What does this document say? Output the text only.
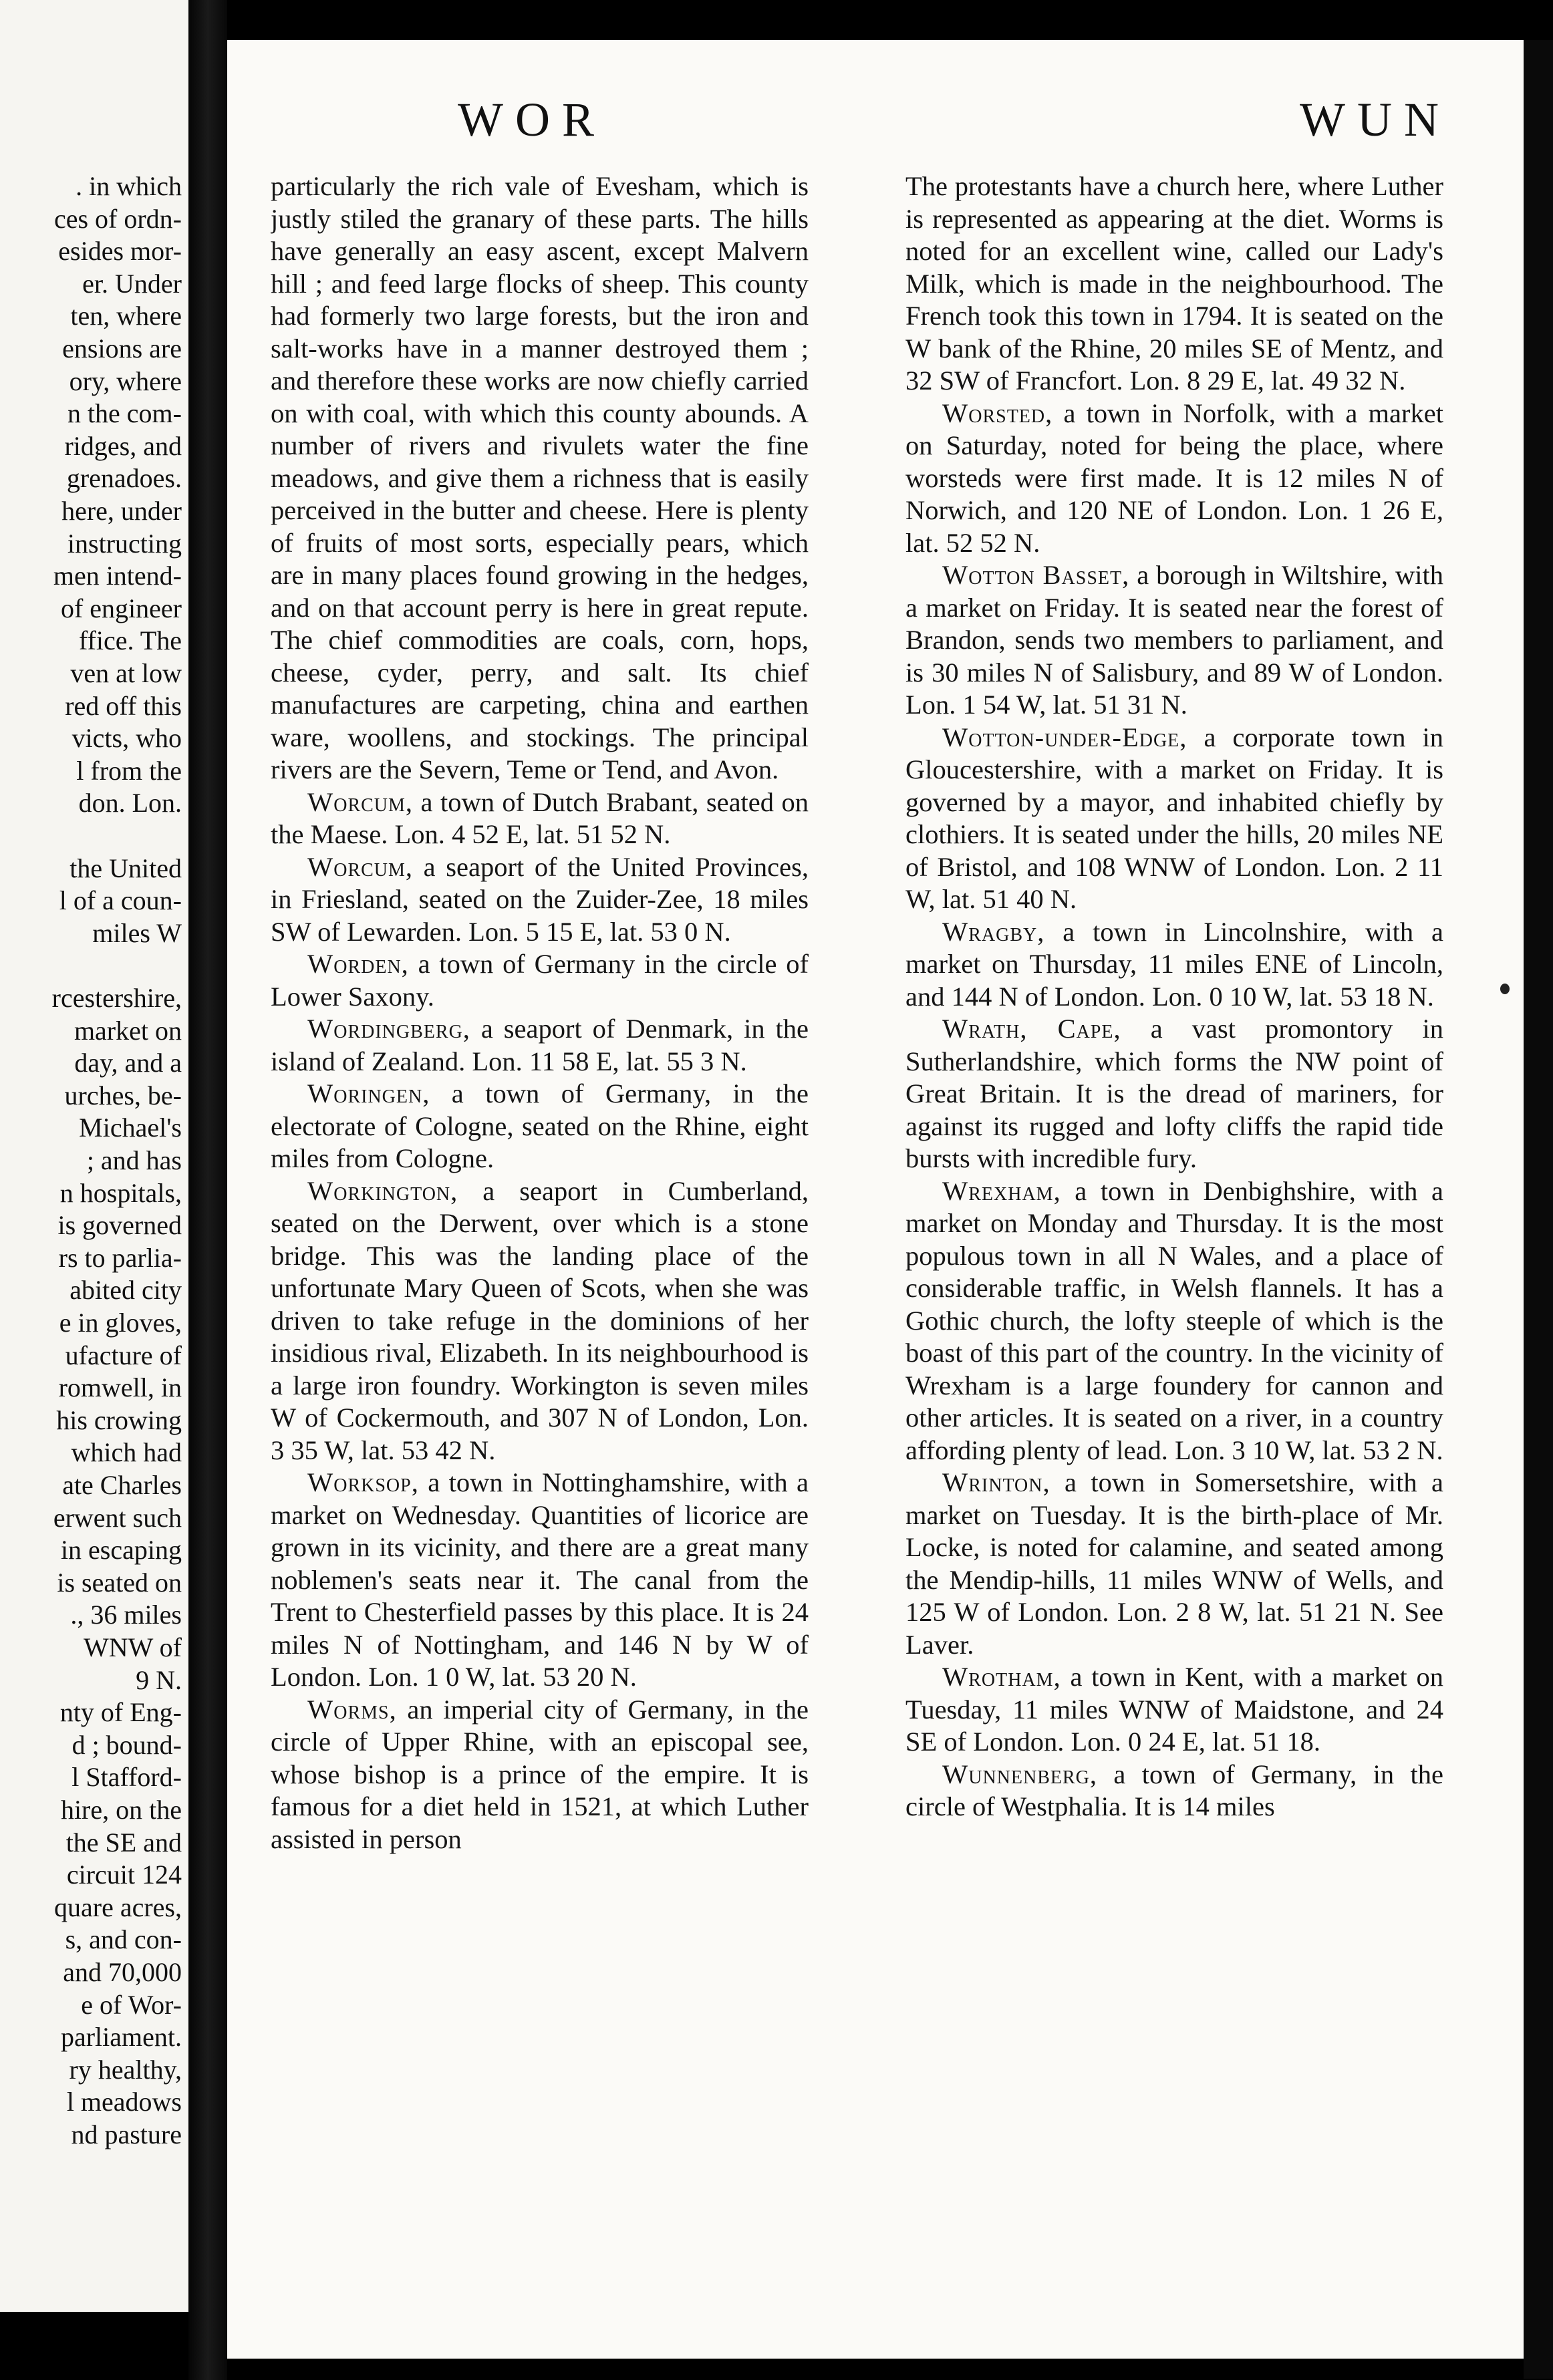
. in which
ces of ordn-
esides mor-
er. Under
ten, where
ensions are
ory, where
n the com-
ridges, and
grenadoes.
here, under
instructing
men intend-
of engineer
ffice. The
ven at low
red off this
victs, who
l from the
don. Lon.
the United
l of a coun-
miles W
rcestershire,
market on
day, and a
urches, be-
Michael's
; and has
n hospitals,
is governed
rs to parlia-
abited city
e in gloves,
ufacture of
romwell, in
his crowing
which had
ate Charles
erwent such
in escaping
is seated on
., 36 miles
WNW of
9 N.
nty of Eng-
d ; bound-
l Stafford-
hire, on the
the SE and
circuit 124
quare acres,
s, and con-
and 70,000
e of Wor-
parliament.
ry healthy,
l meadows
nd pasture
WOR	WUN

particularly the rich vale of Evesham, which is justly stiled the granary of these parts. The hills have generally an easy ascent, except Malvern hill ; and feed large flocks of sheep. This county had formerly two large forests, but the iron and salt-works have in a manner destroyed them ; and therefore these works are now chiefly carried on with coal, with which this county abounds. A number of rivers and rivulets water the fine meadows, and give them a richness that is easily perceived in the butter and cheese. Here is plenty of fruits of most sorts, especially pears, which are in many places found growing in the hedges, and on that account perry is here in great repute. The chief commodities are coals, corn, hops, cheese, cyder, perry, and salt. Its chief manufactures are carpeting, china and earthen ware, woollens, and stockings. The principal rivers are the Severn, Teme or Tend, and Avon.

Worcum, a town of Dutch Brabant, seated on the Maese. Lon. 4 52 E, lat. 51 52 N.

Worcum, a seaport of the United Provinces, in Friesland, seated on the Zuider-Zee, 18 miles SW of Lewarden. Lon. 5 15 E, lat. 53 0 N.

Worden, a town of Germany in the circle of Lower Saxony.

Wordingberg, a seaport of Denmark, in the island of Zealand. Lon. 11 58 E, lat. 55 3 N.

Woringen, a town of Germany, in the electorate of Cologne, seated on the Rhine, eight miles from Cologne.

Workington, a seaport in Cumberland, seated on the Derwent, over which is a stone bridge. This was the landing place of the unfortunate Mary Queen of Scots, when she was driven to take refuge in the dominions of her insidious rival, Elizabeth. In its neighbourhood is a large iron foundry. Workington is seven miles W of Cockermouth, and 307 N of London, Lon. 3 35 W, lat. 53 42 N.

Worksop, a town in Nottinghamshire, with a market on Wednesday. Quantities of licorice are grown in its vicinity, and there are a great many noblemen's seats near it. The canal from the Trent to Chesterfield passes by this place. It is 24 miles N of Nottingham, and 146 N by W of London. Lon. 1 0 W, lat. 53 20 N.

Worms, an imperial city of Germany, in the circle of Upper Rhine, with an episcopal see, whose bishop is a prince of the empire. It is famous for a diet held in 1521, at which Luther assisted in person

The protestants have a church here, where Luther is represented as appearing at the diet. Worms is noted for an excellent wine, called our Lady's Milk, which is made in the neighbourhood. The French took this town in 1794. It is seated on the W bank of the Rhine, 20 miles SE of Mentz, and 32 SW of Francfort. Lon. 8 29 E, lat. 49 32 N.

Worsted, a town in Norfolk, with a market on Saturday, noted for being the place, where worsteds were first made. It is 12 miles N of Norwich, and 120 NE of London. Lon. 1 26 E, lat. 52 52 N.

Wotton Basset, a borough in Wiltshire, with a market on Friday. It is seated near the forest of Brandon, sends two members to parliament, and is 30 miles N of Salisbury, and 89 W of London. Lon. 1 54 W, lat. 51 31 N.

Wotton-under-Edge, a corporate town in Gloucestershire, with a market on Friday. It is governed by a mayor, and inhabited chiefly by clothiers. It is seated under the hills, 20 miles NE of Bristol, and 108 WNW of London. Lon. 2 11 W, lat. 51 40 N.

Wragby, a town in Lincolnshire, with a market on Thursday, 11 miles ENE of Lincoln, and 144 N of London. Lon. 0 10 W, lat. 53 18 N.

Wrath, Cape, a vast promontory in Sutherlandshire, which forms the NW point of Great Britain. It is the dread of mariners, for against its rugged and lofty cliffs the rapid tide bursts with incredible fury.

Wrexham, a town in Denbighshire, with a market on Monday and Thursday. It is the most populous town in all N Wales, and a place of considerable traffic, in Welsh flannels. It has a Gothic church, the lofty steeple of which is the boast of this part of the country. In the vicinity of Wrexham is a large foundery for cannon and other articles. It is seated on a river, in a country affording plenty of lead. Lon. 3 10 W, lat. 53 2 N.

Wrinton, a town in Somersetshire, with a market on Tuesday. It is the birth-place of Mr. Locke, is noted for calamine, and seated among the Mendip-hills, 11 miles WNW of Wells, and 125 W of London. Lon. 2 8 W, lat. 51 21 N. See Laver.

Wrotham, a town in Kent, with a market on Tuesday, 11 miles WNW of Maidstone, and 24 SE of London. Lon. 0 24 E, lat. 51 18.

Wunnenberg, a town of Germany, in the circle of Westphalia. It is 14 miles
